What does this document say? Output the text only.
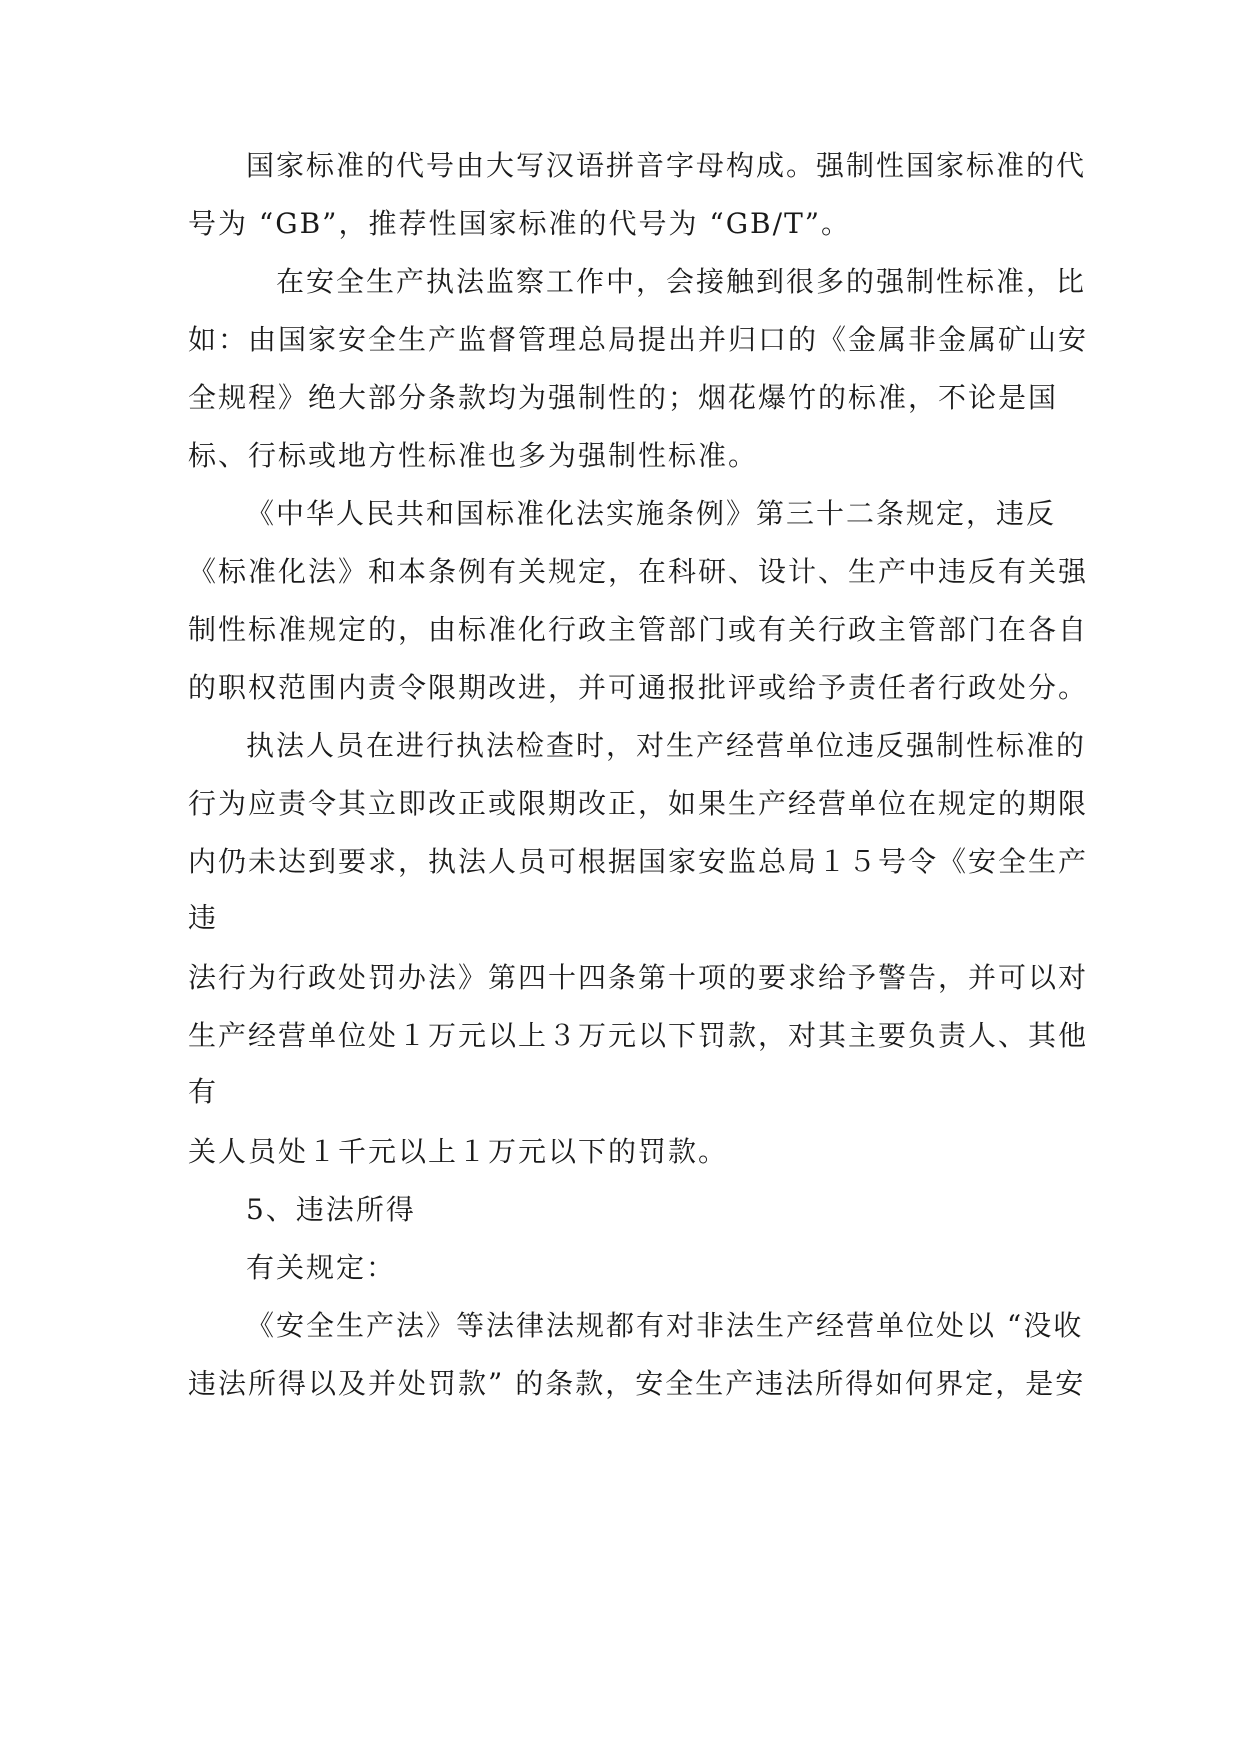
国家标准的代号由大写汉语拼音字母构成。强制性国家标准的代
号为 “GB”，推荐性国家标准的代号为 “GB/T”。
在安全生产执法监察工作中，会接触到很多的强制性标准，比
如：由国家安全生产监督管理总局提出并归口的《金属非金属矿山安
全规程》绝大部分条款均为强制性的；烟花爆竹的标准，不论是国
标、行标或地方性标准也多为强制性标准。
《中华人民共和国标准化法实施条例》第三十二条规定，违反
《标准化法》和本条例有关规定，在科研、设计、生产中违反有关强
制性标准规定的，由标准化行政主管部门或有关行政主管部门在各自
的职权范围内责令限期改进，并可通报批评或给予责任者行政处分。
执法人员在进行执法检查时，对生产经营单位违反强制性标准的
行为应责令其立即改正或限期改正，如果生产经营单位在规定的期限
内仍未达到要求，执法人员可根据国家安监总局１５号令《安全生产
违
法行为行政处罚办法》第四十四条第十项的要求给予警告，并可以对
生产经营单位处１万元以上３万元以下罚款，对其主要负责人、其他
有
关人员处１千元以上１万元以下的罚款。
5、违法所得
有关规定：
《安全生产法》等法律法规都有对非法生产经营单位处以 “没收
违法所得以及并处罚款” 的条款，安全生产违法所得如何界定，是安
